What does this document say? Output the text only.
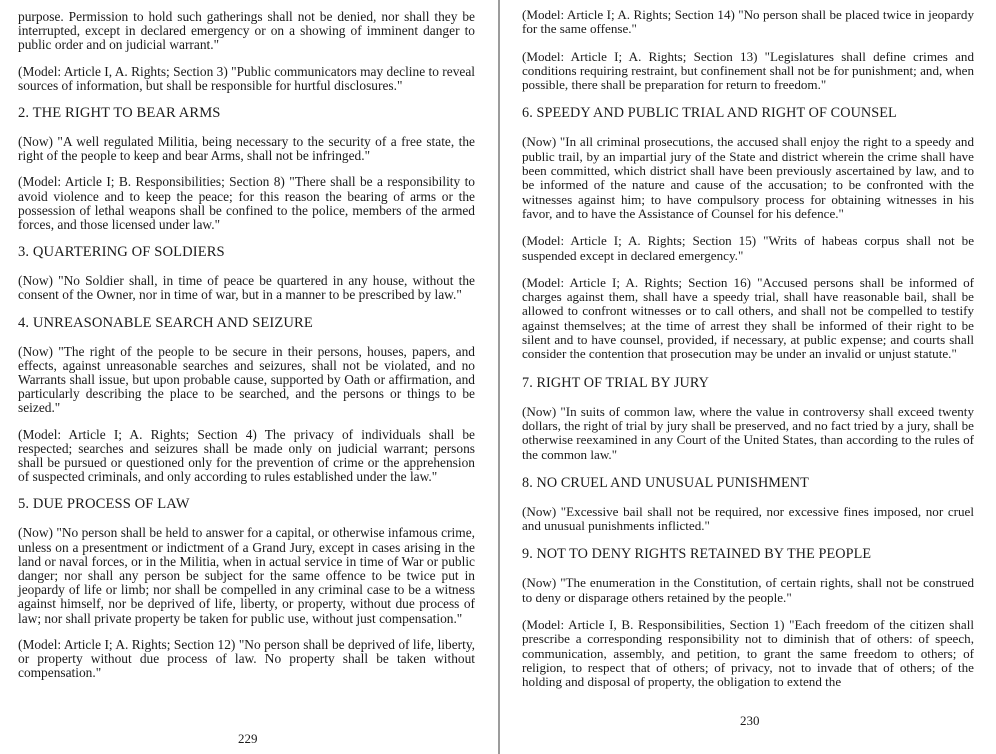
purpose. Permission to hold such gatherings shall not be denied, nor shall they be interrupted, except in declared emergency or on a showing of imminent danger to public order and on judicial warrant."

(Model: Article I, A. Rights; Section 3) "Public communicators may decline to reveal sources of information, but shall be responsible for hurtful disclosures."

2. THE RIGHT TO BEAR ARMS

(Now) "A well regulated Militia, being necessary to the security of a free state, the right of the people to keep and bear Arms, shall not be infringed."

(Model: Article I; B. Responsibilities; Section 8) "There shall be a responsibility to avoid violence and to keep the peace; for this reason the bearing of arms or the possession of lethal weapons shall be confined to the police, members of the armed forces, and those licensed under law."

3. QUARTERING OF SOLDIERS

(Now) "No Soldier shall, in time of peace be quartered in any house, without the consent of the Owner, nor in time of war, but in a manner to be prescribed by law."

4. UNREASONABLE SEARCH AND SEIZURE

(Now) "The right of the people to be secure in their persons, houses, papers, and effects, against unreasonable searches and seizures, shall not be violated, and no Warrants shall issue, but upon probable cause, supported by Oath or affirmation, and particularly describing the place to be searched, and the persons or things to be seized."

(Model: Article I; A. Rights; Section 4) The privacy of individuals shall be respected; searches and seizures shall be made only on judicial warrant; persons shall be pursued or questioned only for the prevention of crime or the apprehension of suspected criminals, and only according to rules established under the law."

5. DUE PROCESS OF LAW

(Now) "No person shall be held to answer for a capital, or otherwise infamous crime, unless on a presentment or indictment of a Grand Jury, except in cases arising in the land or naval forces, or in the Militia, when in actual service in time of War or public danger; nor shall any person be subject for the same offence to be twice put in jeopardy of life or limb; nor shall be compelled in any criminal case to be a witness against himself, nor be deprived of life, liberty, or property, without due process of law; nor shall private property be taken for public use, without just compensation."

(Model: Article I; A. Rights; Section 12) "No person shall be deprived of life, liberty, or property without due process of law. No property shall be taken without compensation."

229

(Model: Article I; A. Rights; Section 14) "No person shall be placed twice in jeopardy for the same offense."

(Model: Article I; A. Rights; Section 13) "Legislatures shall define crimes and conditions requiring restraint, but confinement shall not be for punishment; and, when possible, there shall be preparation for return to freedom."

6. SPEEDY AND PUBLIC TRIAL AND RIGHT OF COUNSEL

(Now) "In all criminal prosecutions, the accused shall enjoy the right to a speedy and public trail, by an impartial jury of the State and district wherein the crime shall have been committed, which district shall have been previously ascertained by law, and to be informed of the nature and cause of the accusation; to be confronted with the witnesses against him; to have compulsory process for obtaining witnesses in his favor, and to have the Assistance of Counsel for his defence."

(Model: Article I; A. Rights; Section 15) "Writs of habeas corpus shall not be suspended except in declared emergency."

(Model: Article I; A. Rights; Section 16) "Accused persons shall be informed of charges against them, shall have a speedy trial, shall have reasonable bail, shall be allowed to confront witnesses or to call others, and shall not be compelled to testify against themselves; at the time of arrest they shall be informed of their right to be silent and to have counsel, provided, if necessary, at public expense; and courts shall consider the contention that prosecution may be under an invalid or unjust statute."

7. RIGHT OF TRIAL BY JURY

(Now) "In suits of common law, where the value in controversy shall exceed twenty dollars, the right of trial by jury shall be preserved, and no fact tried by a jury, shall be otherwise reexamined in any Court of the United States, than according to the rules of the common law."

8. NO CRUEL AND UNUSUAL PUNISHMENT

(Now) "Excessive bail shall not be required, nor excessive fines imposed, nor cruel and unusual punishments inflicted."

9. NOT TO DENY RIGHTS RETAINED BY THE PEOPLE

(Now) "The enumeration in the Constitution, of certain rights, shall not be construed to deny or disparage others retained by the people."

(Model: Article I, B. Responsibilities, Section 1) "Each freedom of the citizen shall prescribe a corresponding responsibility not to diminish that of others: of speech, communication, assembly, and petition, to grant the same freedom to others; of religion, to respect that of others; of privacy, not to invade that of others; of the holding and disposal of property, the obligation to extend the

230
